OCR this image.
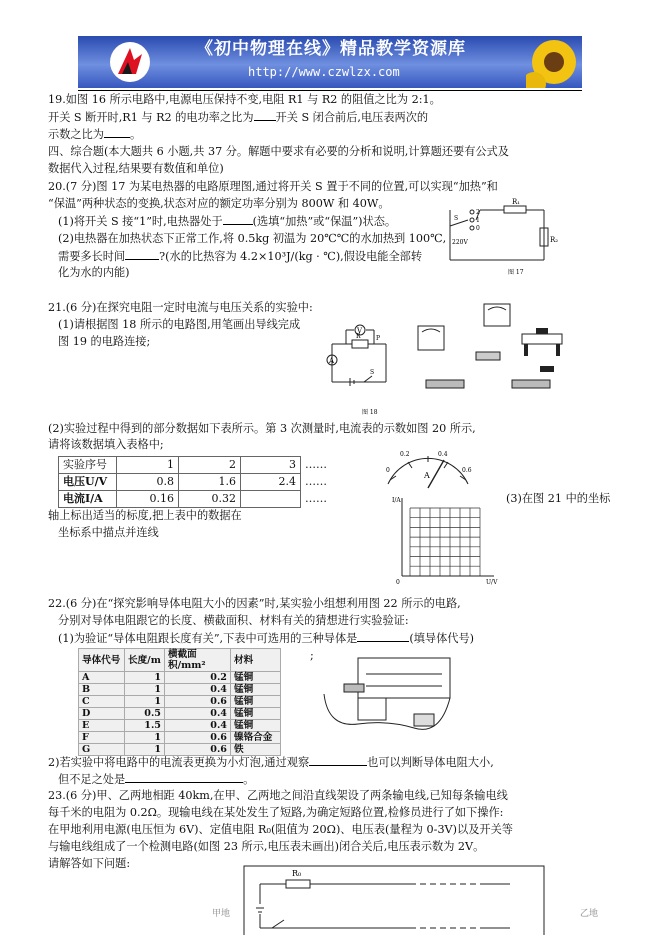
《初中物理在线》精品教学资源库
http://www.czwlzx.com
19.如图 16 所示电路中,电源电压保持不变,电阻 R1 与 R2 的阻值之比为 2:1。
开关 S 断开时,R1 与 R2 的电功率之比为 开关 S 闭合前后,电压表两次的
示数之比为 。
四、综合题(本大题共 6 小题,共 37 分。解题中要求有必要的分析和说明,计算题还要有公式及
数据代入过程,结果要有数值和单位)
20.(7 分)图 17 为某电热器的电路原理图,通过将开关 S 置于不同的位置,可以实现“加热”和
“保温”两种状态的变换,状态对应的额定功率分别为 800W 和 40W。
(1)将开关 S 接“1”时,电热器处于	(选填“加热”或“保温”)状态。
(2)电热器在加热状态下正常工作,将 0.5kg 初温为 20℃℃的水加热到 100℃,
需要多长时间	?(水的比热容为 4.2×10³J/(kg · ℃),假设电能全部转
化为水的内能)
R₁
R₂
S
2
1
0
220V
图 17
21.(6 分)在探究电阻一定时电流与电压关系的实验中:
(1)请根据图 18 所示的电路图,用笔画出导线完成
图 19 的电路连接;
V
A
R	P
S
图 18
(2)实验过程中得到的部分数据如下表所示。第 3 次测量时,电流表的示数如图 20 所示,
请将该数据填入表格中;
实验序号	1	2	3	……
电压U/V	0.8	1.6	2.4	……
电流I/A	0.16	0.32		……
0
0.2	0.4
0.6
A
(3)在图 21 中的坐标
轴上标出适当的标度,把上表中的数据在
坐标系中描点并连线
I/A
U/V
0
22.(6 分)在“探究影响导体电阻大小的因素”时,某实验小组想利用图 22 所示的电路,
分别对导体电阻跟它的长度、横截面积、材料有关的猜想进行实验验证:
(1)为验证“导体电阻跟长度有关”,下表中可选用的三种导体是	(填导体代号)
导体代号	长度/m	横截面积/mm²	材料
A	1	0.2	锰铜
B	1	0.4	锰铜
C	1	0.6	锰铜
D	0.5	0.4	锰铜
E	1.5	0.4	锰铜
F	1	0.6	镍铬合金
G	1	0.6	铁
;
2)若实验中将电路中的电流表更换为小灯泡,通过观察	也可以判断导体电阻大小,
但不足之处是	。
23.(6 分)甲、乙两地相距 40km,在甲、乙两地之间沿直线架设了两条输电线,已知每条输电线
每千米的电阻为 0.2Ω。现输电线在某处发生了短路,为确定短路位置,检修员进行了如下操作:
在甲地利用电源(电压恒为 6V)、定值电阻 R₀(阻值为 20Ω)、电压表(量程为 0-3V)以及开关等
与输电线组成了一个检测电路(如图 23 所示,电压表未画出)闭合关后,电压表示数为 2V。
请解答如下问题:
R₀
甲地	乙地
